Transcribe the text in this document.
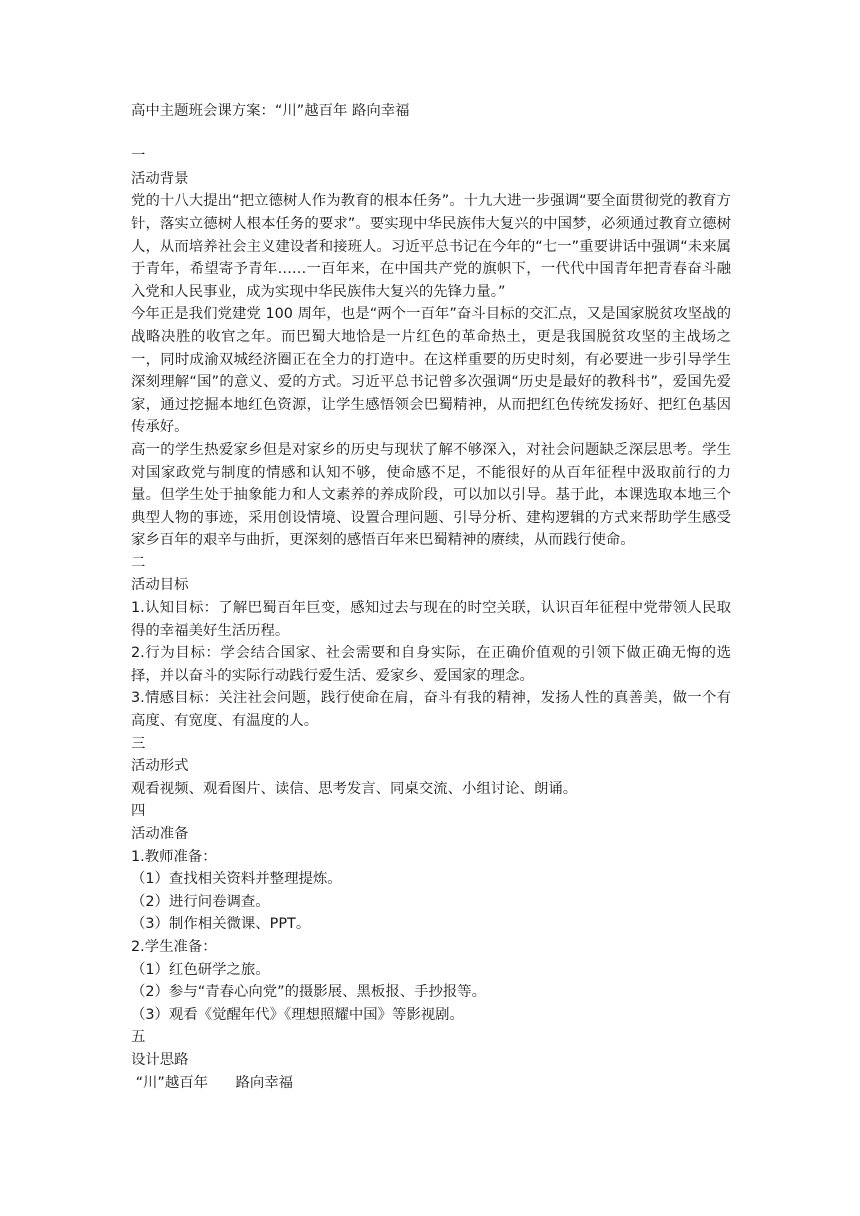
高中主题班会课方案：“川”越百年 路向幸福

一

活动背景

党的十八大提出“把立德树人作为教育的根本任务”。十九大进一步强调“要全面贯彻党的教育方针，落实立德树人根本任务的要求”。要实现中华民族伟大复兴的中国梦，必须通过教育立德树人，从而培养社会主义建设者和接班人。习近平总书记在今年的“七一”重要讲话中强调“未来属于青年，希望寄予青年……一百年来，在中国共产党的旗帜下，一代代中国青年把青春奋斗融入党和人民事业，成为实现中华民族伟大复兴的先锋力量。”

今年正是我们党建党 100 周年，也是“两个一百年”奋斗目标的交汇点，又是国家脱贫攻坚战的战略决胜的收官之年。而巴蜀大地恰是一片红色的革命热土，更是我国脱贫攻坚的主战场之一，同时成渝双城经济圈正在全力的打造中。在这样重要的历史时刻，有必要进一步引导学生深刻理解“国”的意义、爱的方式。习近平总书记曾多次强调“历史是最好的教科书”，爱国先爱家，通过挖掘本地红色资源，让学生感悟领会巴蜀精神，从而把红色传统发扬好、把红色基因传承好。

高一的学生热爱家乡但是对家乡的历史与现状了解不够深入，对社会问题缺乏深层思考。学生对国家政党与制度的情感和认知不够，使命感不足，不能很好的从百年征程中汲取前行的力量。但学生处于抽象能力和人文素养的养成阶段，可以加以引导。基于此，本课选取本地三个典型人物的事迹，采用创设情境、设置合理问题、引导分析、建构逻辑的方式来帮助学生感受家乡百年的艰辛与曲折，更深刻的感悟百年来巴蜀精神的赓续，从而践行使命。

二

活动目标

1.认知目标：了解巴蜀百年巨变，感知过去与现在的时空关联，认识百年征程中党带领人民取得的幸福美好生活历程。

2.行为目标：学会结合国家、社会需要和自身实际，在正确价值观的引领下做正确无悔的选择，并以奋斗的实际行动践行爱生活、爱家乡、爱国家的理念。

3.情感目标：关注社会问题，践行使命在肩，奋斗有我的精神，发扬人性的真善美，做一个有高度、有宽度、有温度的人。

三

活动形式

观看视频、观看图片、读信、思考发言、同桌交流、小组讨论、朗诵。

四

活动准备

1.教师准备：

（1）查找相关资料并整理提炼。

（2）进行问卷调查。

（3）制作相关微课、PPT。

2.学生准备：

（1）红色研学之旅。

（2）参与“青春心向党”的摄影展、黑板报、手抄报等。

（3）观看《觉醒年代》《理想照耀中国》等影视剧。

五

设计思路

“川”越百年      路向幸福
